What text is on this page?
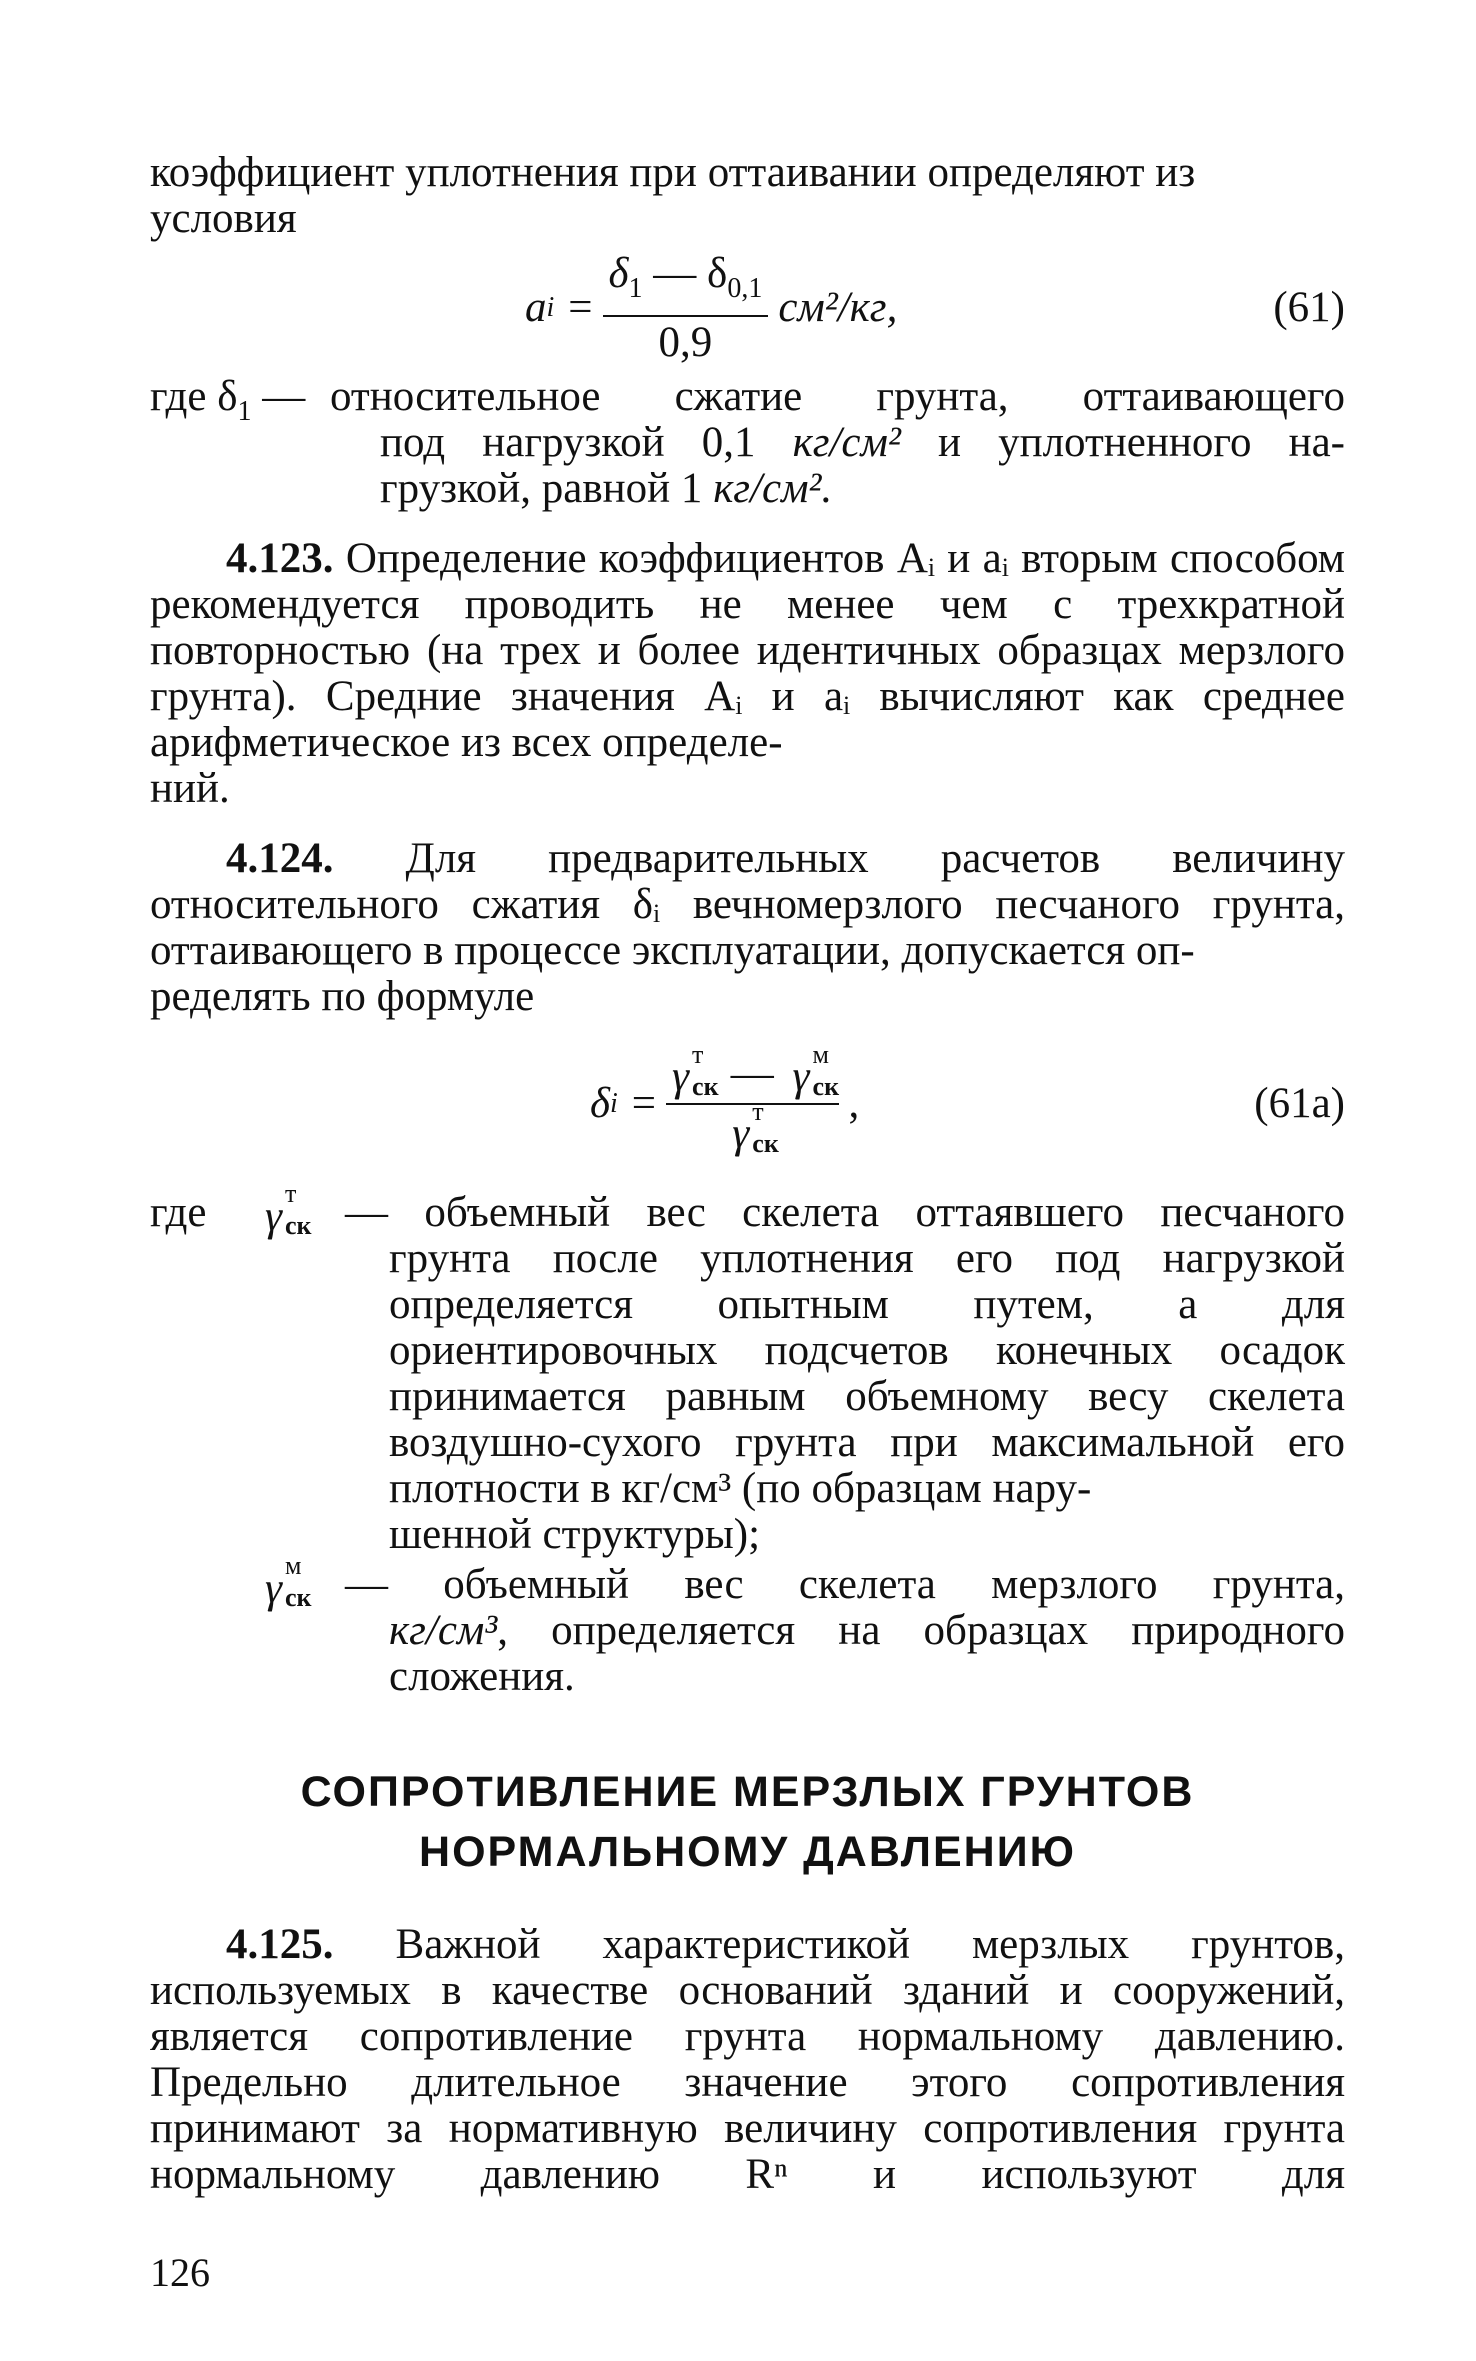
коэффициент уплотнения при оттаивании определяют из
условия

a $i = \frac{\delta_1 — \delta_{0,1}}{0,9} см^2/кг$,	(61)
где $\delta_1$ — относительное сжатие грунта, оттаивающего

под нагрузкой 0,1 кг/см² и уплотненного на-

грузкой, равной 1 кг/см².

4.123. Определение коэффициентов Aᵢ и aᵢ вторым способом рекомендуется проводить не менее чем с трехкратной повторностью (на трех и более идентичных образцах мерзлого грунта). Средние значения Aᵢ и aᵢ вычисляют как среднее арифметическое из всех определе-

ний.

4.124. Для предварительных расчетов величину относительного сжатия δᵢ вечномерзлого песчаного грунта, оттаивающего в процессе эксплуатации, допускается оп-

ределять по формуле

δ i = γ т
ск — γ м
ск
γ т
ск ,	(61а)
где	γ т
ск — объемный вес скелета оттаявшего песчаного

грунта после уплотнения его под нагрузкой определяется опытным путем, а для ориентировочных подсчетов конечных осадок принимается равным объемному весу скелета воздушно-сухого грунта при максимальной его плотности в кг/см³ (по образцам нару-

шенной структуры);

γ м
ск — объемный вес скелета мерзлого грунта,

кг/см³, определяется на образцах природного

сложения.

СОПРОТИВЛЕНИЕ МЕРЗЛЫХ ГРУНТОВ
НОРМАЛЬНОМУ ДАВЛЕНИЮ

4.125. Важной характеристикой мерзлых грунтов, используемых в качестве оснований зданий и сооружений, является сопротивление грунта нормальному давлению. Предельно длительное значение этого сопротивления принимают за нормативную величину сопротивления грунта нормальному давлению Rⁿ и используют для

126
